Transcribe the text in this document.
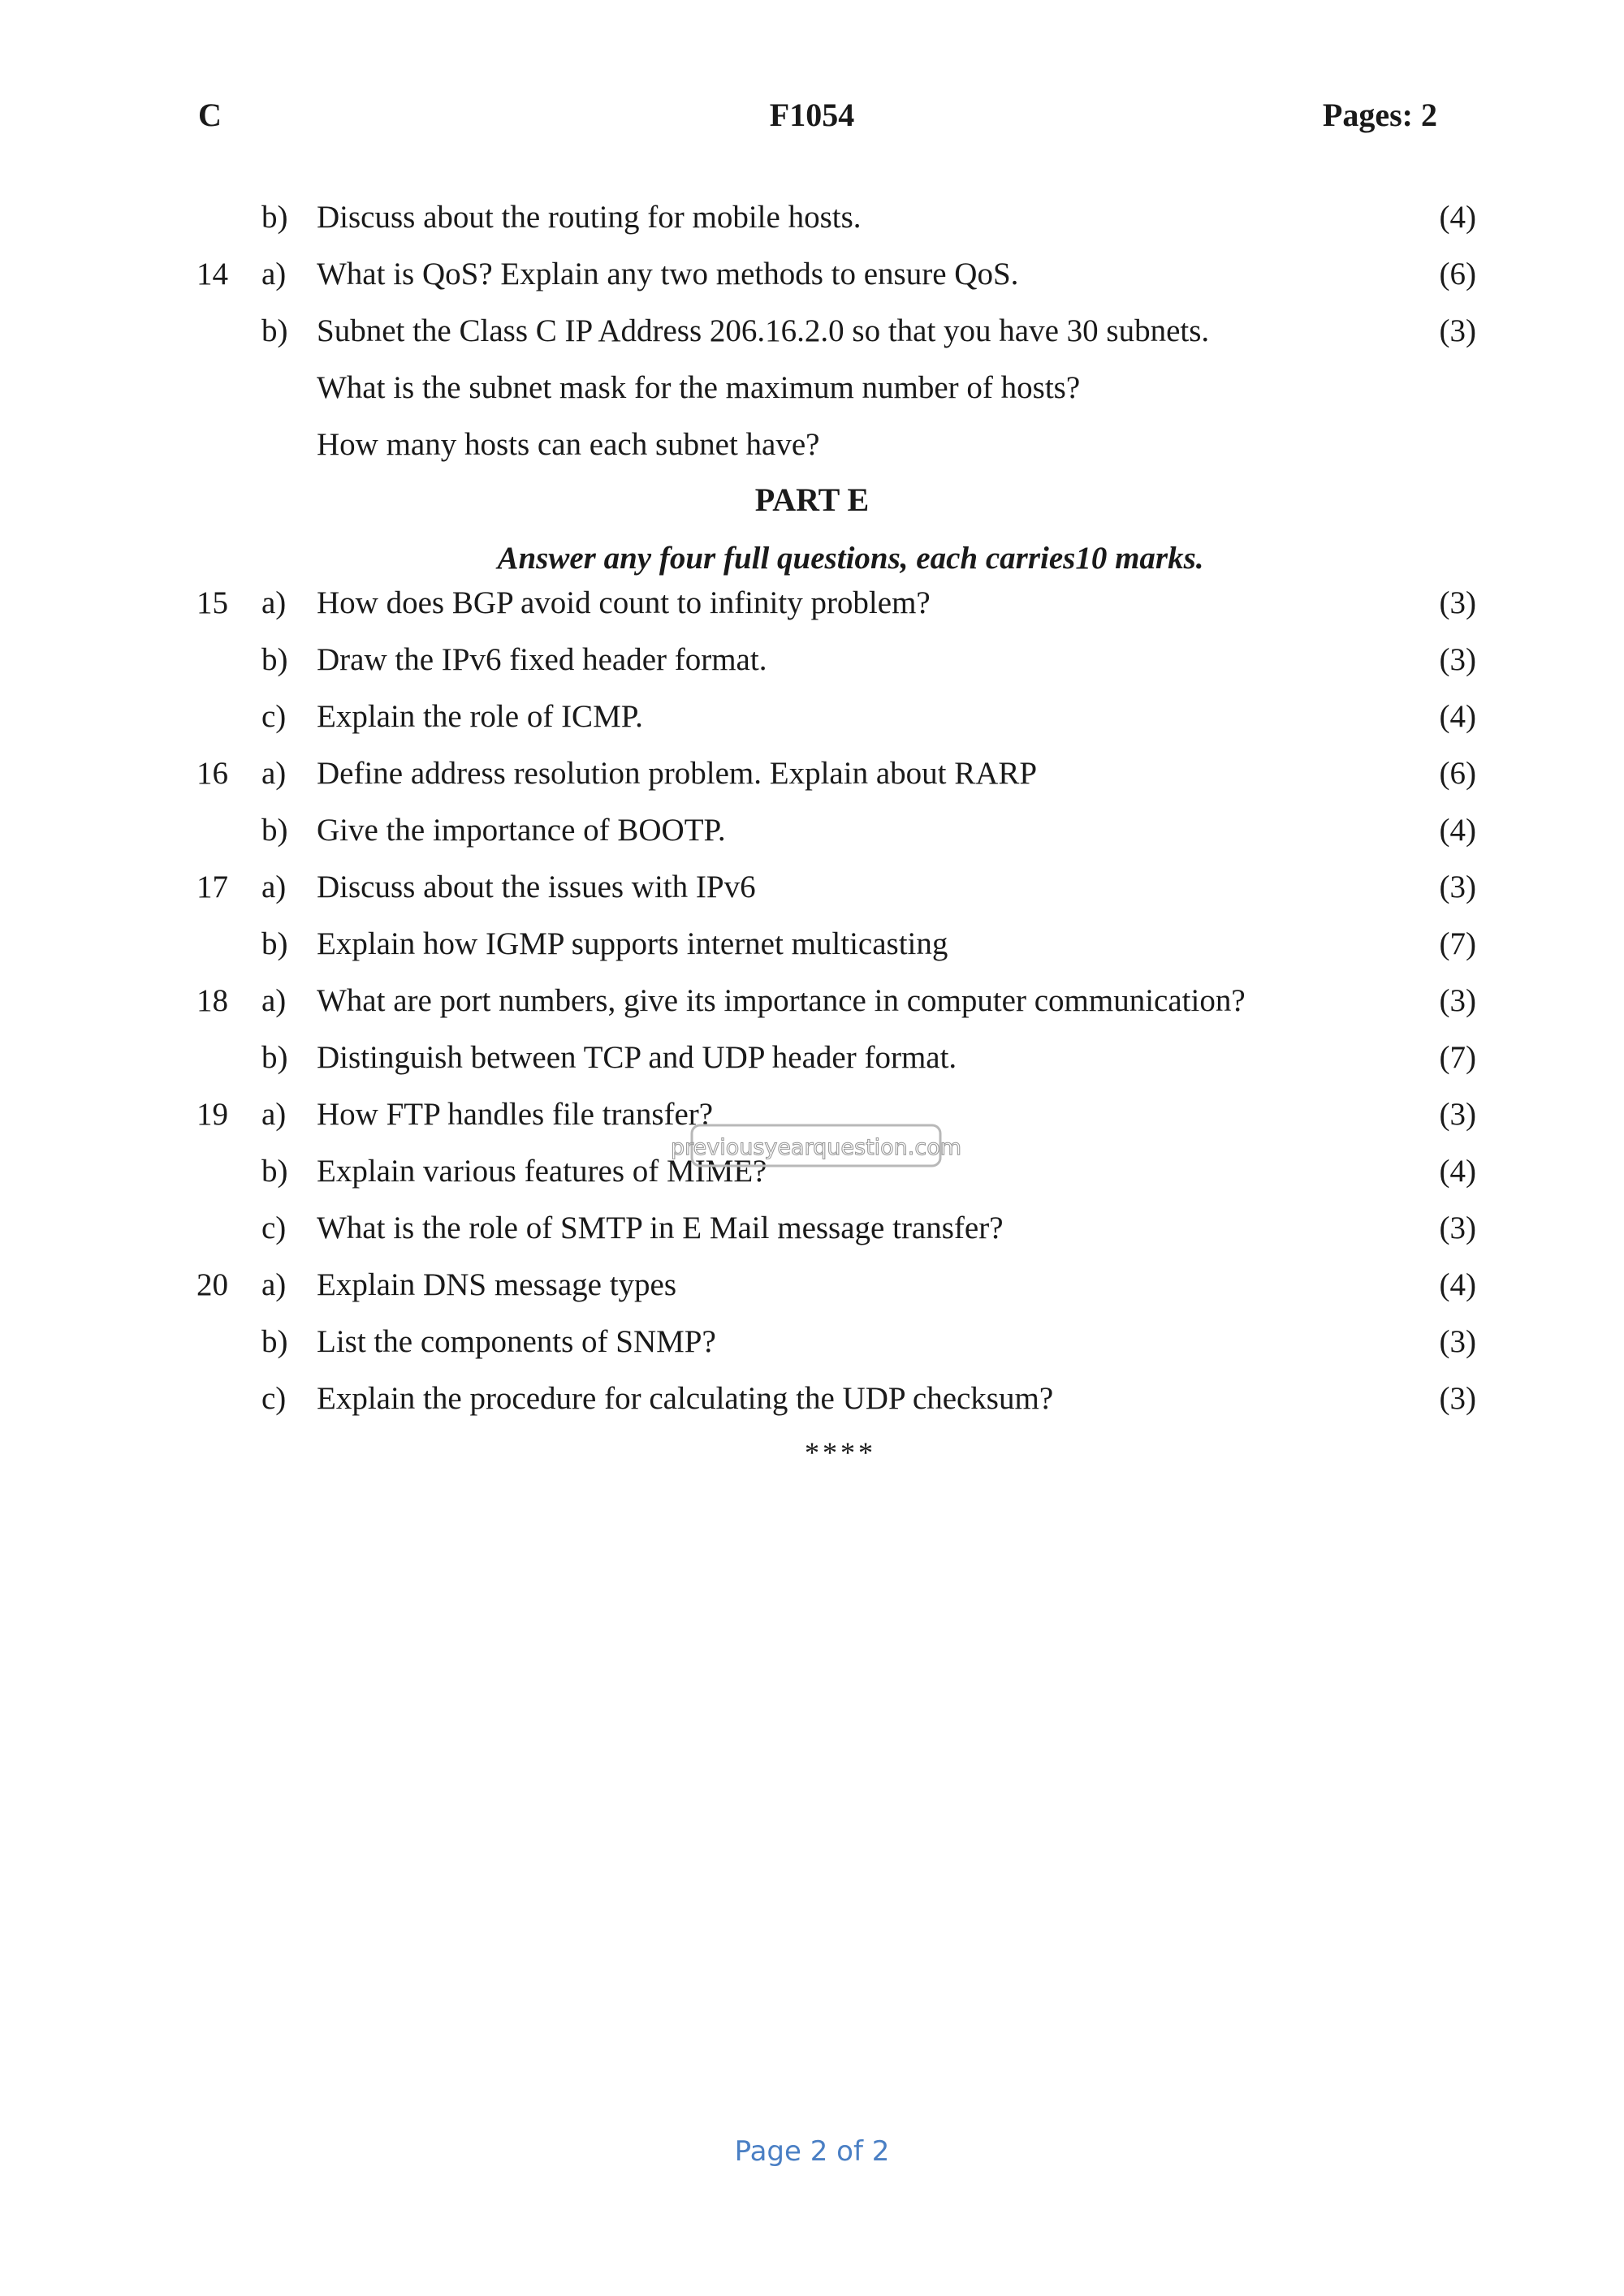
C	F1054	Pages: 2
b) Discuss about the routing for mobile hosts.	(4)
14 a) What is QoS? Explain any two methods to ensure QoS.	(6)
b) Subnet the Class C IP Address 206.16.2.0 so that you have 30 subnets.	(3)
What is the subnet mask for the maximum number of hosts?
How many hosts can each subnet have?
PART E
Answer any four full questions, each carries10 marks.
15 a) How does BGP avoid count to infinity problem?	(3)
b) Draw the IPv6 fixed header format.	(3)
c) Explain the role of ICMP.	(4)
16 a) Define address resolution problem. Explain about RARP	(6)
b) Give the importance of BOOTP.	(4)
17 a) Discuss about the issues with IPv6	(3)
b) Explain how IGMP supports internet multicasting	(7)
18 a) What are port numbers, give its importance in computer communication?	(3)
b) Distinguish between TCP and UDP header format.	(7)
19 a) How FTP handles file transfer?	(3)
b) Explain various features of MIME?	(4)
c) What is the role of SMTP in E Mail message transfer?	(3)
20 a) Explain DNS message types	(4)
b) List the components of SNMP?	(3)
c) Explain the procedure for calculating the UDP checksum?	(3)
****
previousyearquestion.com
Page 2 of 2
